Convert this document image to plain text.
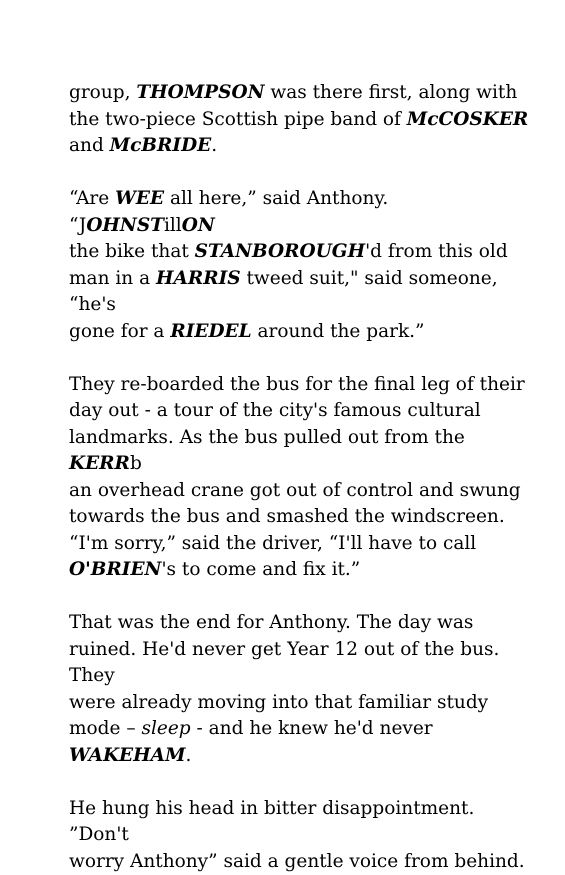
group, THOMPSON was there first, along with
the two-piece Scottish pipe band of McCOSKER
and McBRIDE.

“Are WEE all here,” said Anthony. “JOHNSTillON
the bike that STANBOROUGH'd from this old
man in a HARRIS tweed suit," said someone, “he's
gone for a RIEDEL around the park.”

They re-boarded the bus for the final leg of their
day out - a tour of the city's famous cultural
landmarks. As the bus pulled out from the KERRb
an overhead crane got out of control and swung
towards the bus and smashed the windscreen.
“I'm sorry,” said the driver, “I'll have to call
O'BRIEN's to come and fix it.”

That was the end for Anthony. The day was
ruined. He'd never get Year 12 out of the bus. They
were already moving into that familiar study
mode – sleep - and he knew he'd never
WAKEHAM.

He hung his head in bitter disappointment. ”Don't
worry Anthony” said a gentle voice from behind.
